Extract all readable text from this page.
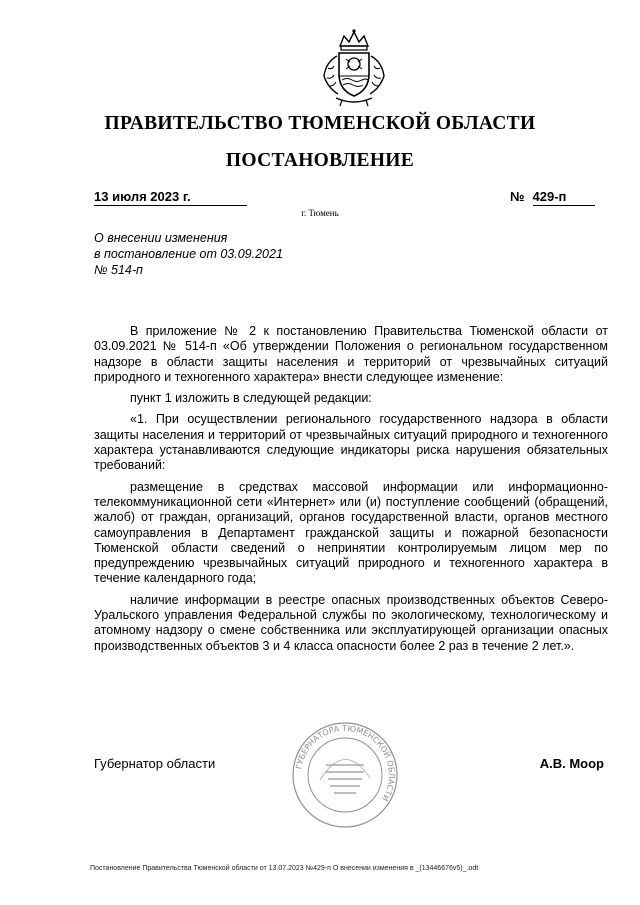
ПРАВИТЕЛЬСТВО ТЮМЕНСКОЙ ОБЛАСТИ
ПОСТАНОВЛЕНИЕ
13 июля 2023 г.	№ 429-п
г. Тюмень
О внесении изменения
в постановление от 03.09.2021
№ 514-п

В приложение № 2 к постановлению Правительства Тюменской области от 03.09.2021 № 514-п «Об утверждении Положения о региональном государственном надзоре в области защиты населения и территорий от чрезвычайных ситуаций природного и техногенного характера» внести следующее изменение:

пункт 1 изложить в следующей редакции:

«1. При осуществлении регионального государственного надзора в области защиты населения и территорий от чрезвычайных ситуаций природного и техногенного характера устанавливаются следующие индикаторы риска нарушения обязательных требований:

размещение в средствах массовой информации или информационно-телекоммуникационной сети «Интернет» или (и) поступление сообщений (обращений, жалоб) от граждан, организаций, органов государственной власти, органов местного самоуправления в Департамент гражданской защиты и пожарной безопасности Тюменской области сведений о непринятии контролируемым лицом мер по предупреждению чрезвычайных ситуаций природного и техногенного характера в течение календарного года;

наличие информации в реестре опасных производственных объектов Северо-Уральского управления Федеральной службы по экологическому, технологическому и атомному надзору о смене собственника или эксплуатирующей организации опасных производственных объектов 3 и 4 класса опасности более 2 раз в течение 2 лет.».

ГУБЕРНАТОРА ТЮМЕНСКОЙ ОБЛАСТИ
Губернатор области	А.В. Моор
Постановление Правительства Тюменской области от 13.07.2023 №429-п О внесении изменения в _(13446676v5)_.odt
